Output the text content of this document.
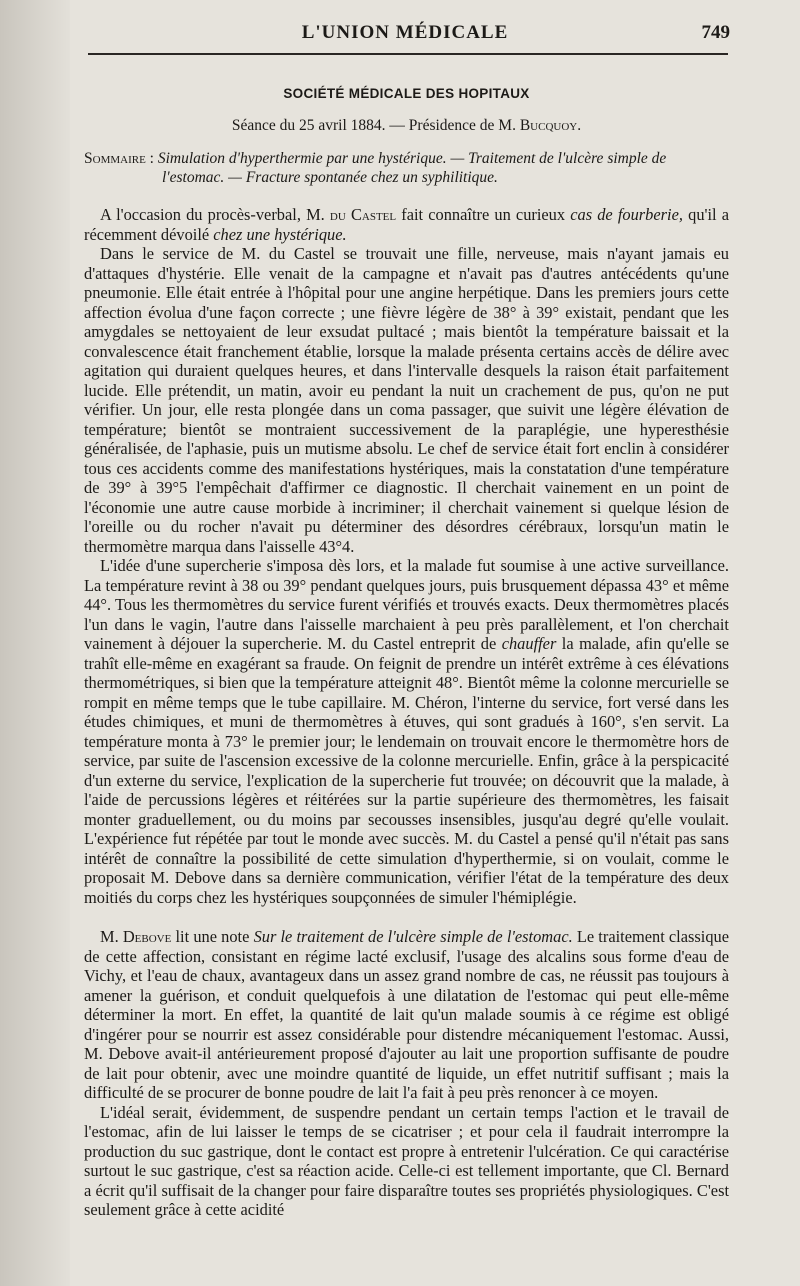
L'UNION MÉDICALE	749
SOCIÉTÉ MÉDICALE DES HOPITAUX
Séance du 25 avril 1884. — Présidence de M. Bucquoy.
Sommaire : Simulation d'hyperthermie par une hystérique. — Traitement de l'ulcère simple de l'estomac. — Fracture spontanée chez un syphilitique.

A l'occasion du procès-verbal, M. du Castel fait connaître un curieux cas de fourberie, qu'il a récemment dévoilé chez une hystérique.

Dans le service de M. du Castel se trouvait une fille, nerveuse, mais n'ayant jamais eu d'attaques d'hystérie. Elle venait de la campagne et n'avait pas d'autres antécédents qu'une pneumonie. Elle était entrée à l'hôpital pour une angine herpétique. Dans les premiers jours cette affection évolua d'une façon correcte ; une fièvre légère de 38° à 39° existait, pendant que les amygdales se nettoyaient de leur exsudat pultacé ; mais bientôt la température baissait et la convalescence était franchement établie, lorsque la malade présenta certains accès de délire avec agitation qui duraient quelques heures, et dans l'intervalle desquels la raison était parfaitement lucide. Elle prétendit, un matin, avoir eu pendant la nuit un crachement de pus, qu'on ne put vérifier. Un jour, elle resta plongée dans un coma passager, que suivit une légère élévation de température; bientôt se montraient successivement de la paraplégie, une hyperesthésie généralisée, de l'aphasie, puis un mutisme absolu. Le chef de service était fort enclin à considérer tous ces accidents comme des manifestations hystériques, mais la constatation d'une température de 39° à 39°5 l'empêchait d'affirmer ce diagnostic. Il cherchait vainement en un point de l'économie une autre cause morbide à incriminer; il cherchait vainement si quelque lésion de l'oreille ou du rocher n'avait pu déterminer des désordres cérébraux, lorsqu'un matin le thermomètre marqua dans l'aisselle 43°4.

L'idée d'une supercherie s'imposa dès lors, et la malade fut soumise à une active surveillance. La température revint à 38 ou 39° pendant quelques jours, puis brusquement dépassa 43° et même 44°. Tous les thermomètres du service furent vérifiés et trouvés exacts. Deux thermomètres placés l'un dans le vagin, l'autre dans l'aisselle marchaient à peu près parallèlement, et l'on cherchait vainement à déjouer la supercherie. M. du Castel entreprit de chauffer la malade, afin qu'elle se trahît elle-même en exagérant sa fraude. On feignit de prendre un intérêt extrême à ces élévations thermométriques, si bien que la température atteignit 48°. Bientôt même la colonne mercurielle se rompit en même temps que le tube capillaire. M. Chéron, l'interne du service, fort versé dans les études chimiques, et muni de thermomètres à étuves, qui sont gradués à 160°, s'en servit. La température monta à 73° le premier jour; le lendemain on trouvait encore le thermomètre hors de service, par suite de l'ascension excessive de la colonne mercurielle. Enfin, grâce à la perspicacité d'un externe du service, l'explication de la supercherie fut trouvée; on découvrit que la malade, à l'aide de percussions légères et réitérées sur la partie supérieure des thermomètres, les faisait monter graduellement, ou du moins par secousses insensibles, jusqu'au degré qu'elle voulait. L'expérience fut répétée par tout le monde avec succès. M. du Castel a pensé qu'il n'était pas sans intérêt de connaître la possibilité de cette simulation d'hyperthermie, si on voulait, comme le proposait M. Debove dans sa dernière communication, vérifier l'état de la température des deux moitiés du corps chez les hystériques soupçonnées de simuler l'hémiplégie.

M. Debove lit une note Sur le traitement de l'ulcère simple de l'estomac. Le traitement classique de cette affection, consistant en régime lacté exclusif, l'usage des alcalins sous forme d'eau de Vichy, et l'eau de chaux, avantageux dans un assez grand nombre de cas, ne réussit pas toujours à amener la guérison, et conduit quelquefois à une dilatation de l'estomac qui peut elle-même déterminer la mort. En effet, la quantité de lait qu'un malade soumis à ce régime est obligé d'ingérer pour se nourrir est assez considérable pour distendre mécaniquement l'estomac. Aussi, M. Debove avait-il antérieurement proposé d'ajouter au lait une proportion suffisante de poudre de lait pour obtenir, avec une moindre quantité de liquide, un effet nutritif suffisant ; mais la difficulté de se procurer de bonne poudre de lait l'a fait à peu près renoncer à ce moyen.

L'idéal serait, évidemment, de suspendre pendant un certain temps l'action et le travail de l'estomac, afin de lui laisser le temps de se cicatriser ; et pour cela il faudrait interrompre la production du suc gastrique, dont le contact est propre à entretenir l'ulcération. Ce qui caractérise surtout le suc gastrique, c'est sa réaction acide. Celle-ci est tellement importante, que Cl. Bernard a écrit qu'il suffisait de la changer pour faire disparaître toutes ses propriétés physiologiques. C'est seulement grâce à cette acidité
